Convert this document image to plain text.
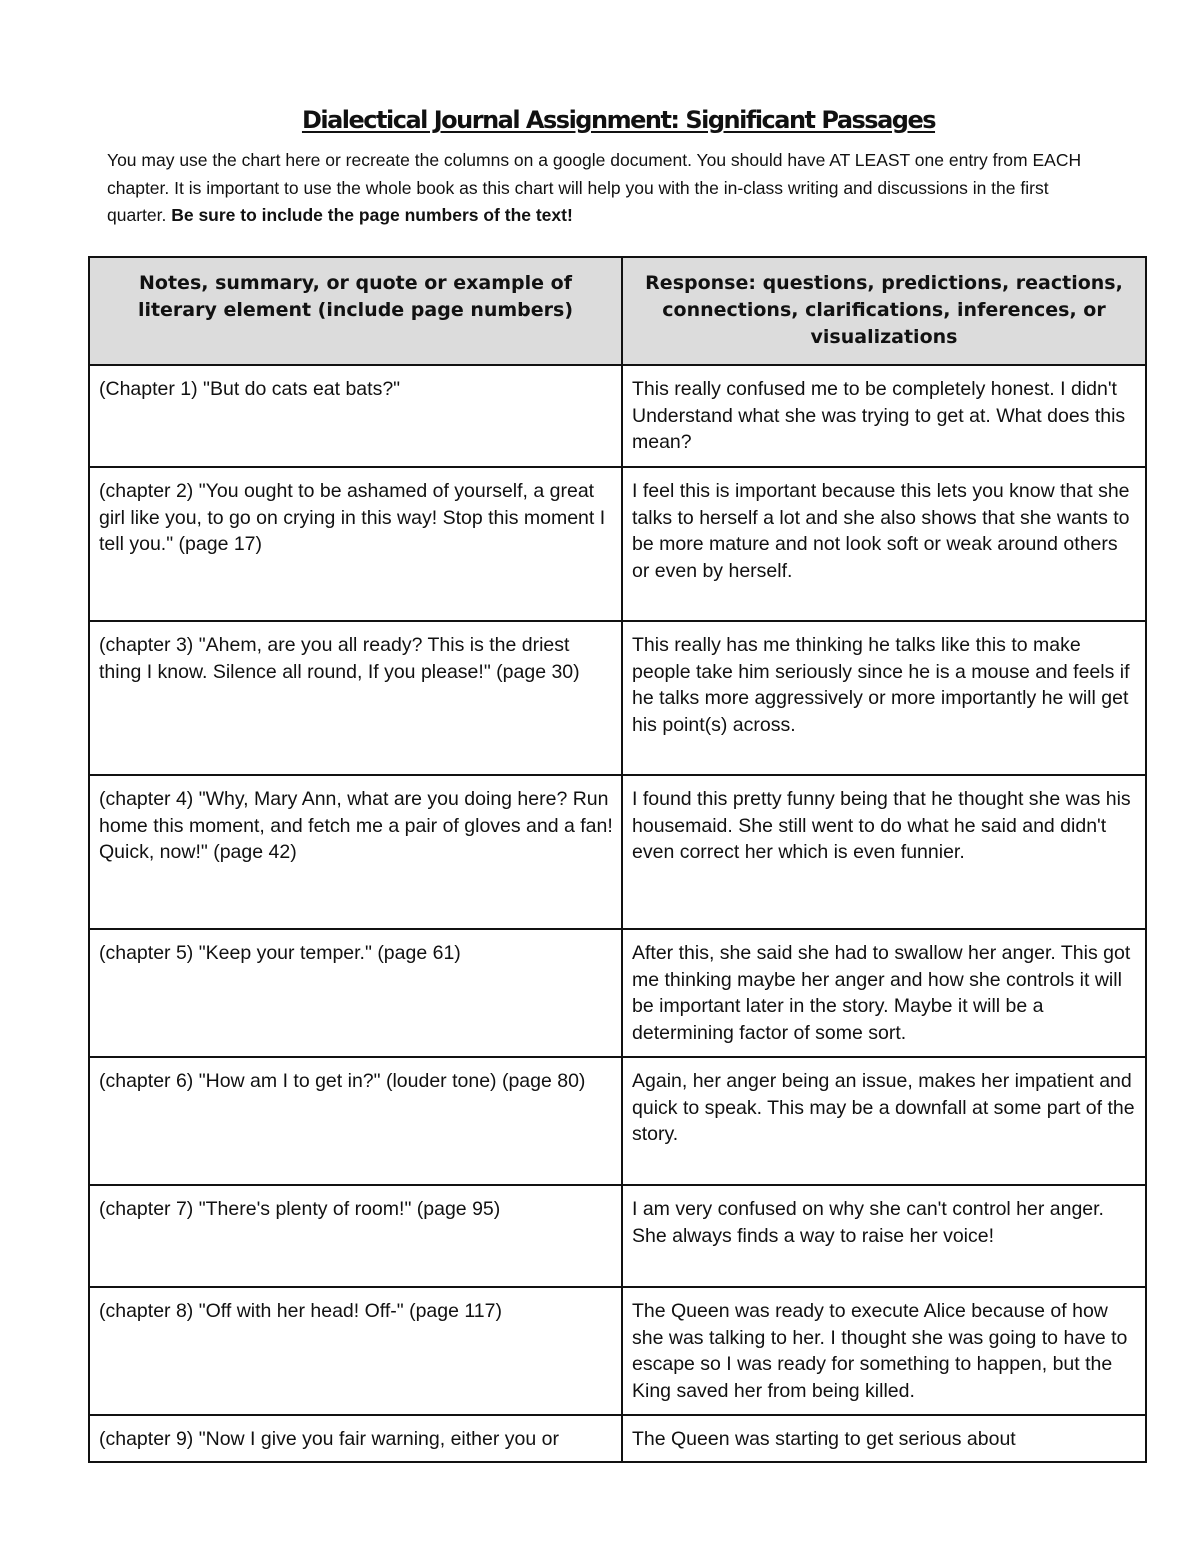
Dialectical Journal Assignment: Significant Passages

You may use the chart here or recreate the columns on a google document. You should have AT LEAST one entry from EACH chapter. It is important to use the whole book as this chart will help you with the in-class writing and discussions in the first quarter. Be sure to include the page numbers of the text!

Notes, summary, or quote or example of literary element (include page numbers)	Response: questions, predictions, reactions, connections, clarifications, inferences, or visualizations
(Chapter 1) "But do cats eat bats?"	This really confused me to be completely honest. I didn't Understand what she was trying to get at. What does this mean?
(chapter 2) "You ought to be ashamed of yourself, a great girl like you, to go on crying in this way! Stop this moment I tell you." (page 17)	I feel this is important because this lets you know that she talks to herself a lot and she also shows that she wants to be more mature and not look soft or weak around others or even by herself.
(chapter 3) "Ahem, are you all ready? This is the driest thing I know. Silence all round, If you please!" (page 30)	This really has me thinking he talks like this to make people take him seriously since he is a mouse and feels if he talks more aggressively or more importantly he will get his point(s) across.
(chapter 4) "Why, Mary Ann, what are you doing here? Run home this moment, and fetch me a pair of gloves and a fan! Quick, now!" (page 42)	I found this pretty funny being that he thought she was his housemaid. She still went to do what he said and didn't even correct her which is even funnier.
(chapter 5) "Keep your temper." (page 61)	After this, she said she had to swallow her anger. This got me thinking maybe her anger and how she controls it will be important later in the story. Maybe it will be a determining factor of some sort.
(chapter 6) "How am I to get in?" (louder tone) (page 80)	Again, her anger being an issue, makes her impatient and quick to speak. This may be a downfall at some part of the story.
(chapter 7) "There's plenty of room!" (page 95)	I am very confused on why she can't control her anger. She always finds a way to raise her voice!
(chapter 8) "Off with her head! Off-" (page 117)	The Queen was ready to execute Alice because of how she was talking to her. I thought she was going to have to escape so I was ready for something to happen, but the King saved her from being killed.
(chapter 9) "Now I give you fair warning, either you or	The Queen was starting to get serious about
